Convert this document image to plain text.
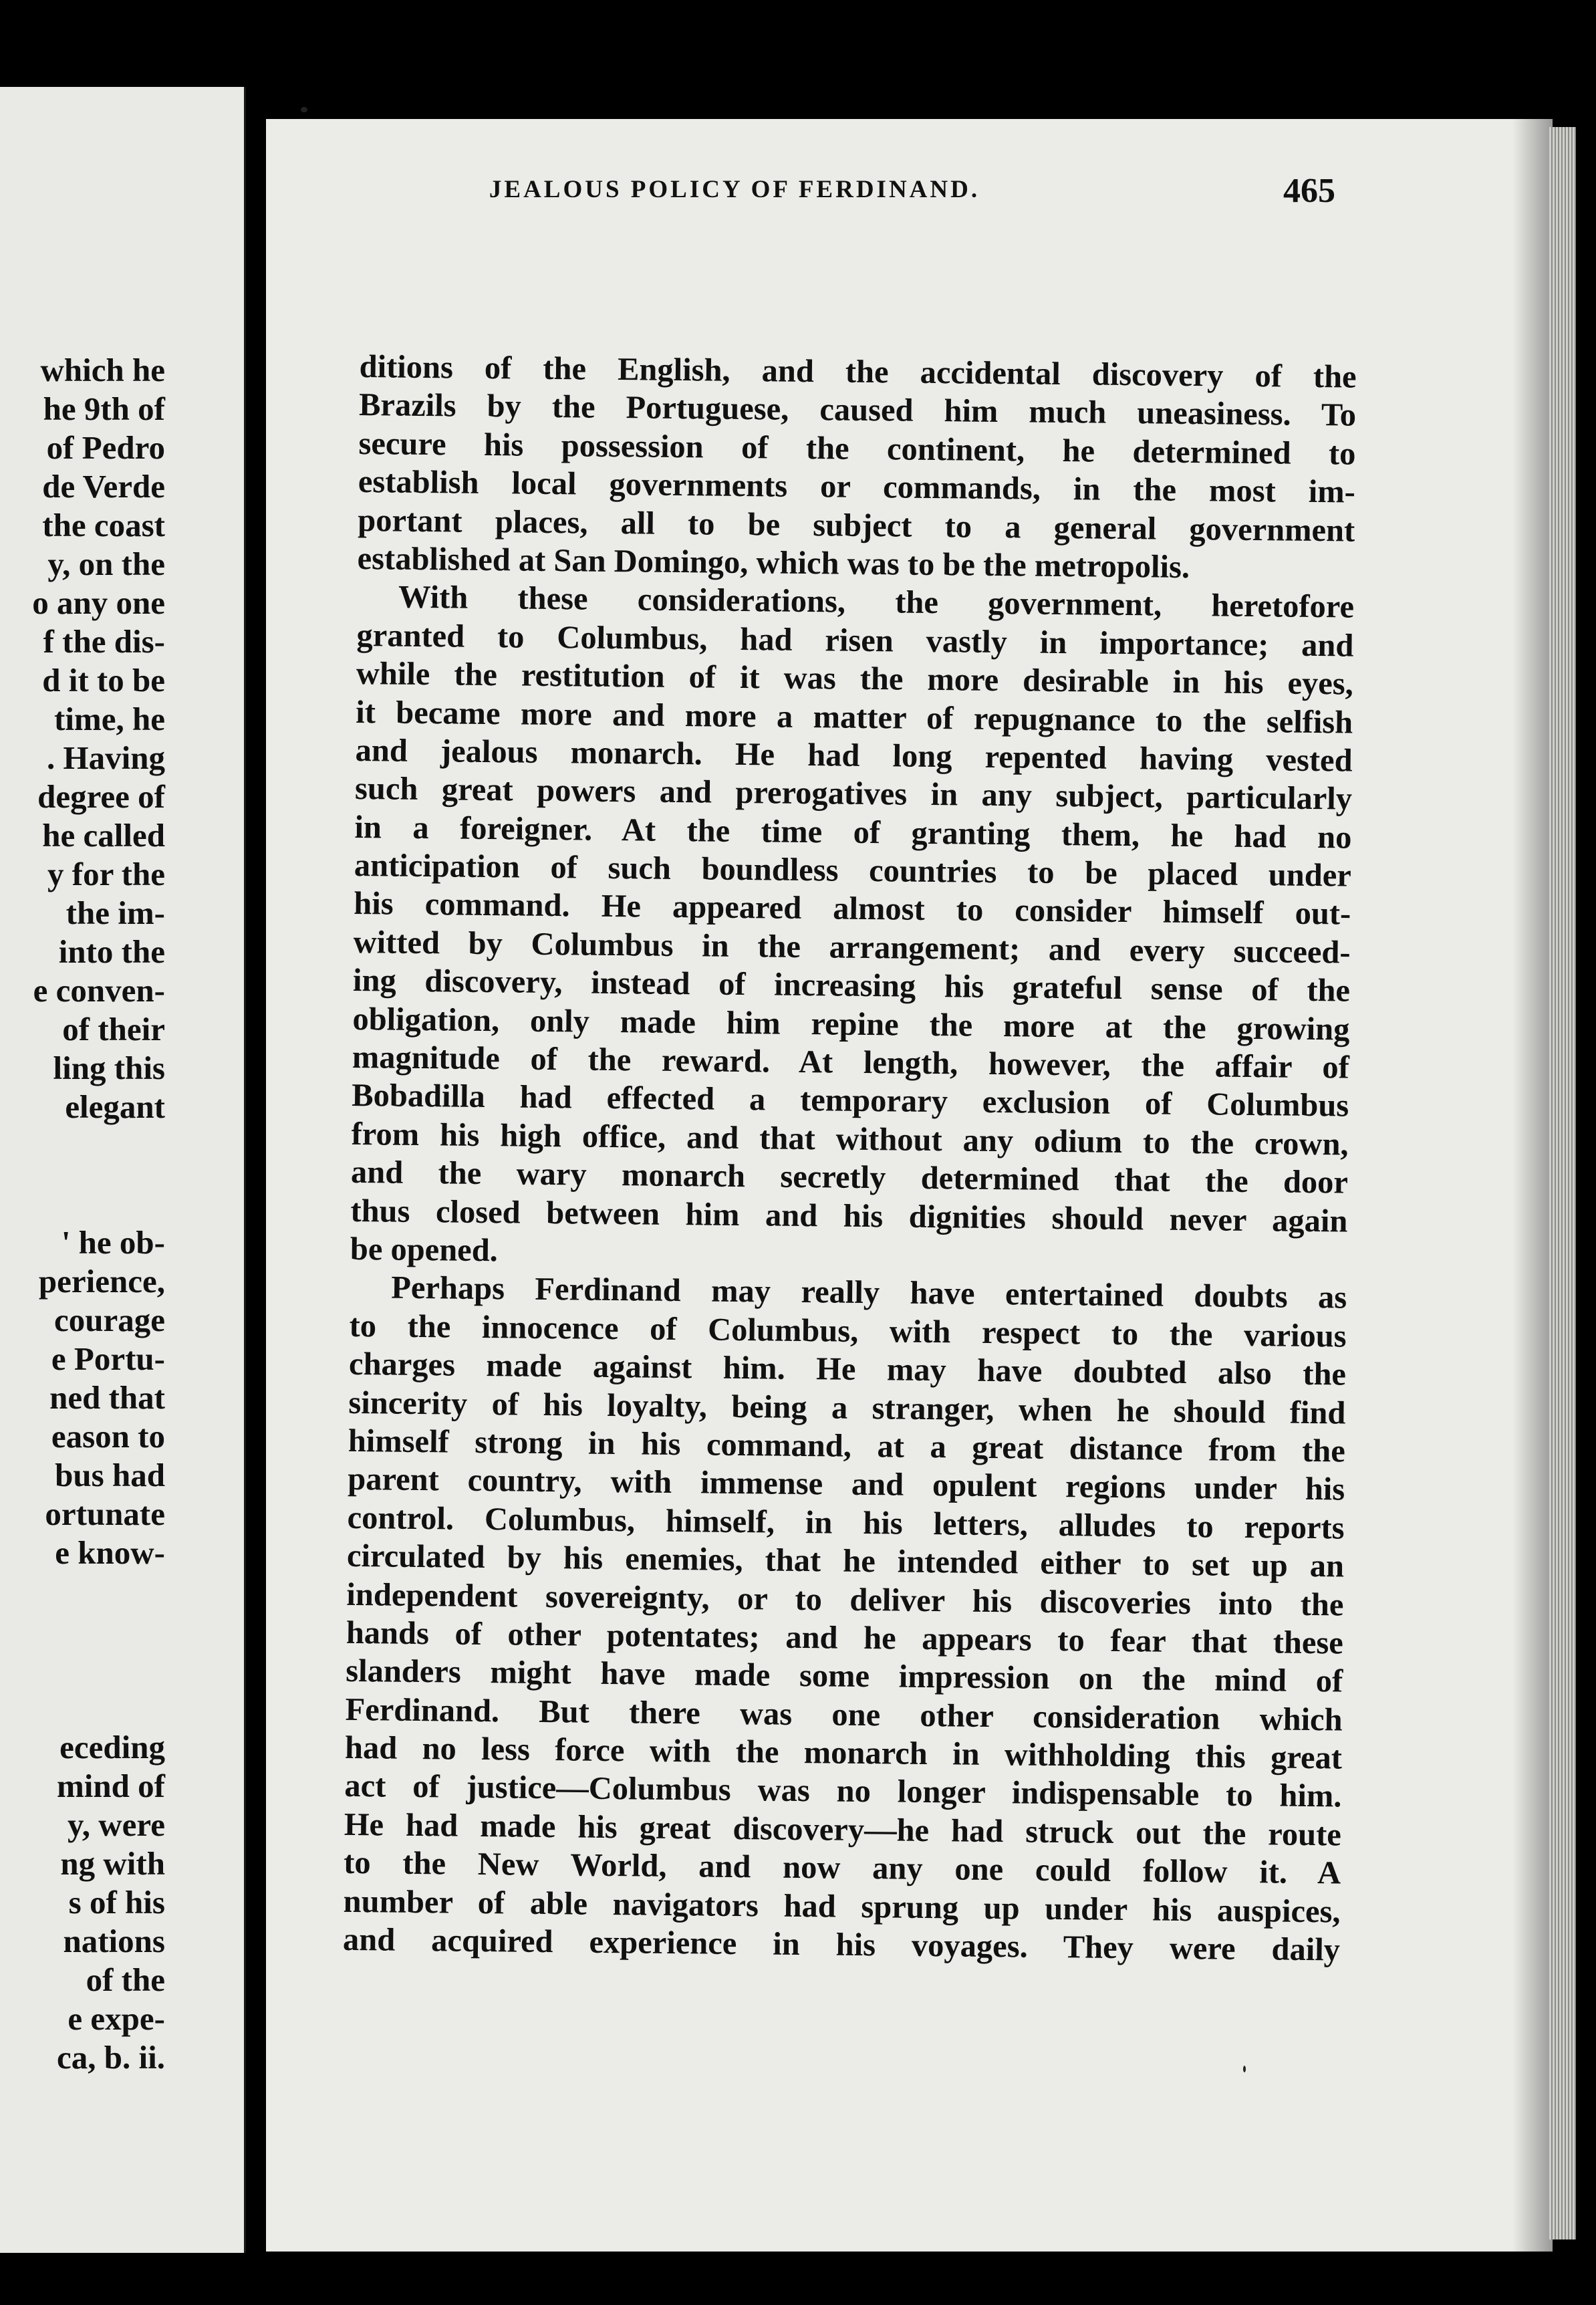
which he
he 9th of
of Pedro
de Verde
the coast
y, on the
o any one
f the dis-
d it to be
time, he
. Having
degree of
he called
y for the
the im-
into the
e conven-
of their
ling this
elegant
' he ob-
perience,
courage
e Portu-
ned that
eason to
bus had
ortunate
e know-
eceding
mind of
y, were
ng with
s of his
nations
of the
e expe-
ca, b. ii.
JEALOUS POLICY OF FERDINAND.	465
ditions of the English, and the accidental discovery of the
Brazils by the Portuguese, caused him much uneasiness. To
secure his possession of the continent, he determined to
establish local governments or commands, in the most im-
portant places, all to be subject to a general government
established at San Domingo, which was to be the metropolis.
With these considerations, the government, heretofore
granted to Columbus, had risen vastly in importance; and
while the restitution of it was the more desirable in his eyes,
it became more and more a matter of repugnance to the selfish
and jealous monarch. He had long repented having vested
such great powers and prerogatives in any subject, particularly
in a foreigner. At the time of granting them, he had no
anticipation of such boundless countries to be placed under
his command. He appeared almost to consider himself out-
witted by Columbus in the arrangement; and every succeed-
ing discovery, instead of increasing his grateful sense of the
obligation, only made him repine the more at the growing
magnitude of the reward. At length, however, the affair of
Bobadilla had effected a temporary exclusion of Columbus
from his high office, and that without any odium to the crown,
and the wary monarch secretly determined that the door
thus closed between him and his dignities should never again
be opened.
Perhaps Ferdinand may really have entertained doubts as
to the innocence of Columbus, with respect to the various
charges made against him. He may have doubted also the
sincerity of his loyalty, being a stranger, when he should find
himself strong in his command, at a great distance from the
parent country, with immense and opulent regions under his
control. Columbus, himself, in his letters, alludes to reports
circulated by his enemies, that he intended either to set up an
independent sovereignty, or to deliver his discoveries into the
hands of other potentates; and he appears to fear that these
slanders might have made some impression on the mind of
Ferdinand. But there was one other consideration which
had no less force with the monarch in withholding this great
act of justice—Columbus was no longer indispensable to him.
He had made his great discovery—he had struck out the route
to the New World, and now any one could follow it. A
number of able navigators had sprung up under his auspices,
and acquired experience in his voyages. They were daily
